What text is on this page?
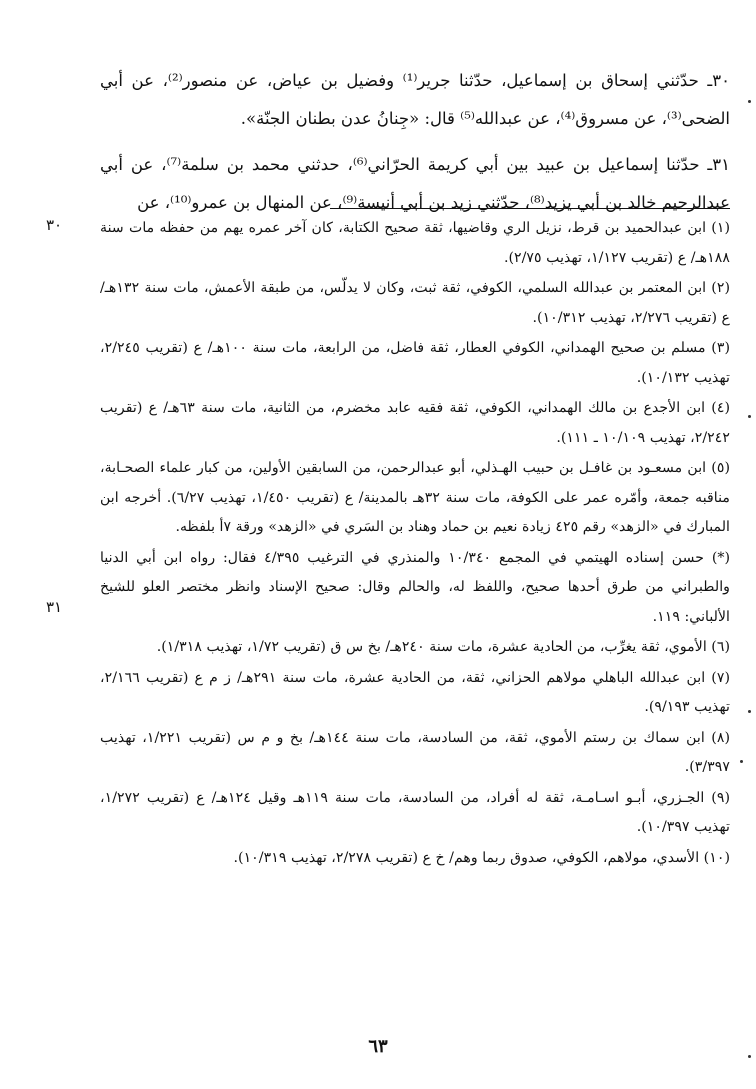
٣٠ـ حدّثني إسحاق بن إسماعيل، حدّثنا جرير⁽¹⁾ وفضيل بن عياض، عن منصور⁽²⁾، عن أبي الضحى⁽³⁾، عن مسروق⁽⁴⁾، عن عبدالله⁽⁵⁾ قال: «جِنانُ عدن بطنان الجنّة».

٣١ـ حدّثنا إسماعيل بن عبيد بين أبي كريمة الحرّاني⁽⁶⁾، حدثني محمد بن سلمة⁽⁷⁾، عن أبي عبدالرحيم خالد بن أبي يزيد⁽⁸⁾، حدّثني زيد بن أبي أنيسة⁽⁹⁾، عن المنهال بن عمرو⁽¹⁰⁾، عن

٣٠
٣١

(١) ابن عبدالحميد بن قرط، نزيل الري وقاضيها، ثقة صحيح الكتابة، كان آخر عمره يهم من حفظه مات سنة ١٨٨هـ/ ع (تقريب ١/١٢٧، تهذيب ٢/٧٥).

(٢) ابن المعتمر بن عبدالله السلمي، الكوفي، ثقة ثبت، وكان لا يدلّس، من طبقة الأعمش، مات سنة ١٣٢هـ/ ع (تقريب ٢/٢٧٦، تهذيب ١٠/٣١٢).

(٣) مسلم بن صحيح الهمداني، الكوفي العطار، ثقة فاضل، من الرابعة، مات سنة ١٠٠هـ/ ع (تقريب ٢/٢٤٥، تهذيب ١٠/١٣٢).

(٤) ابن الأجدع بن مالك الهمداني، الكوفي، ثقة فقيه عابد مخضرم، من الثانية، مات سنة ٦٣هـ/ ع (تقريب ٢/٢٤٢، تهذيب ١٠/١٠٩ ـ ١١١).

(٥) ابن مسعـود بن غافـل بن حبيب الهـذلي، أبو عبدالرحمن، من السابقين الأولين، من كبار علماء الصحـابة، مناقبه جمعة، وأمّره عمر على الكوفة، مات سنة ٣٢هـ بالمدينة/ ع (تقريب ١/٤٥٠، تهذيب ٦/٢٧). أخرجه ابن المبارك في «الزهد» رقم ٤٢٥ زيادة نعيم بن حماد وهناد بن السَري في «الزهد» ورقة ٧أ بلفظه.

(*) حسن إسناده الهيتمي في المجمع ١٠/٣٤٠ والمنذري في الترغيب ٤/٣٩٥ فقال: رواه ابن أبي الدنيا والطبراني من طرق أحدها صحيح، واللفظ له، والحالم وقال: صحيح الإسناد وانظر مختصر العلو للشيخ الألباني: ١١٩.

(٦) الأموي، ثقة يغرِّب، من الحادية عشرة، مات سنة ٢٤٠هـ/ بخ س ق (تقريب ١/٧٢، تهذيب ١/٣١٨).

(٧) ابن عبدالله الباهلي مولاهم الحزاني، ثقة، من الحادية عشرة، مات سنة ٢٩١هـ/ ز م ع (تقريب ٢/١٦٦، تهذيب ٩/١٩٣).

(٨) ابن سماك بن رستم الأموي، ثقة، من السادسة، مات سنة ١٤٤هـ/ بخ و م س (تقريب ١/٢٢١، تهذيب ٣/٣٩٧).

(٩) الجـزري، أبـو اسـامـة، ثقة له أفراد، من السادسة، مات سنة ١١٩هـ وقيل ١٢٤هـ/ ع (تقريب ١/٢٧٢، تهذيب ١٠/٣٩٧).

(١٠) الأسدي، مولاهم، الكوفي، صدوق ربما وهم/ خ ع (تقريب ٢/٢٧٨، تهذيب ١٠/٣١٩).

٦٣
